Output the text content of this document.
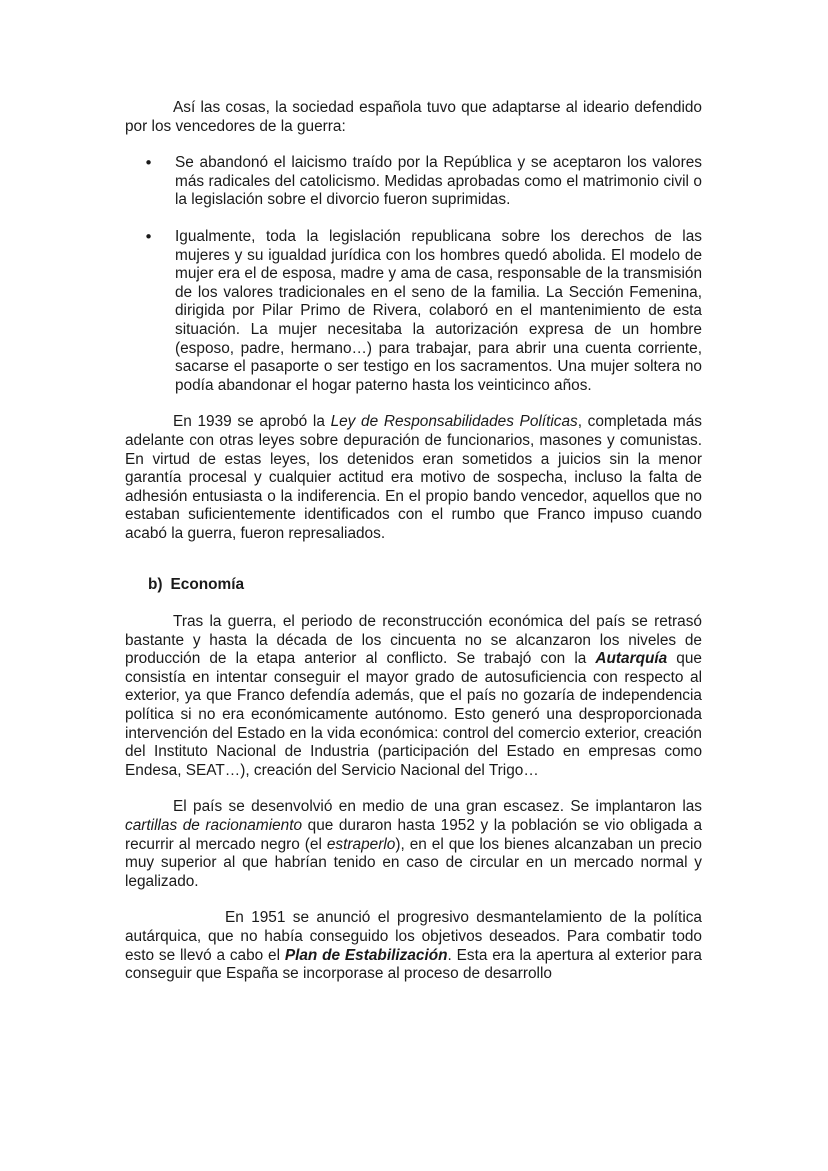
Así las cosas, la sociedad española tuvo que adaptarse al ideario defendido por los vencedores de la guerra:

• Se abandonó el laicismo traído por la República y se aceptaron los valores más radicales del catolicismo. Medidas aprobadas como el matrimonio civil o la legislación sobre el divorcio fueron suprimidas.
• Igualmente, toda la legislación republicana sobre los derechos de las mujeres y su igualdad jurídica con los hombres quedó abolida. El modelo de mujer era el de esposa, madre y ama de casa, responsable de la transmisión de los valores tradicionales en el seno de la familia. La Sección Femenina, dirigida por Pilar Primo de Rivera, colaboró en el mantenimiento de esta situación. La mujer necesitaba la autorización expresa de un hombre (esposo, padre, hermano…) para trabajar, para abrir una cuenta corriente, sacarse el pasaporte o ser testigo en los sacramentos. Una mujer soltera no podía abandonar el hogar paterno hasta los veinticinco años.

En 1939 se aprobó la Ley de Responsabilidades Políticas, completada más adelante con otras leyes sobre depuración de funcionarios, masones y comunistas. En virtud de estas leyes, los detenidos eran sometidos a juicios sin la menor garantía procesal y cualquier actitud era motivo de sospecha, incluso la falta de adhesión entusiasta o la indiferencia. En el propio bando vencedor, aquellos que no estaban suficientemente identificados con el rumbo que Franco impuso cuando acabó la guerra, fueron represaliados.

b) Economía

Tras la guerra, el periodo de reconstrucción económica del país se retrasó bastante y hasta la década de los cincuenta no se alcanzaron los niveles de producción de la etapa anterior al conflicto. Se trabajó con la Autarquía que consistía en intentar conseguir el mayor grado de autosuficiencia con respecto al exterior, ya que Franco defendía además, que el país no gozaría de independencia política si no era económicamente autónomo. Esto generó una desproporcionada intervención del Estado en la vida económica: control del comercio exterior, creación del Instituto Nacional de Industria (participación del Estado en empresas como Endesa, SEAT…), creación del Servicio Nacional del Trigo…

El país se desenvolvió en medio de una gran escasez. Se implantaron las cartillas de racionamiento que duraron hasta 1952 y la población se vio obligada a recurrir al mercado negro (el estraperlo), en el que los bienes alcanzaban un precio muy superior al que habrían tenido en caso de circular en un mercado normal y legalizado.

En 1951 se anunció el progresivo desmantelamiento de la política autárquica, que no había conseguido los objetivos deseados. Para combatir todo esto se llevó a cabo el Plan de Estabilización. Esta era la apertura al exterior para conseguir que España se incorporase al proceso de desarrollo
